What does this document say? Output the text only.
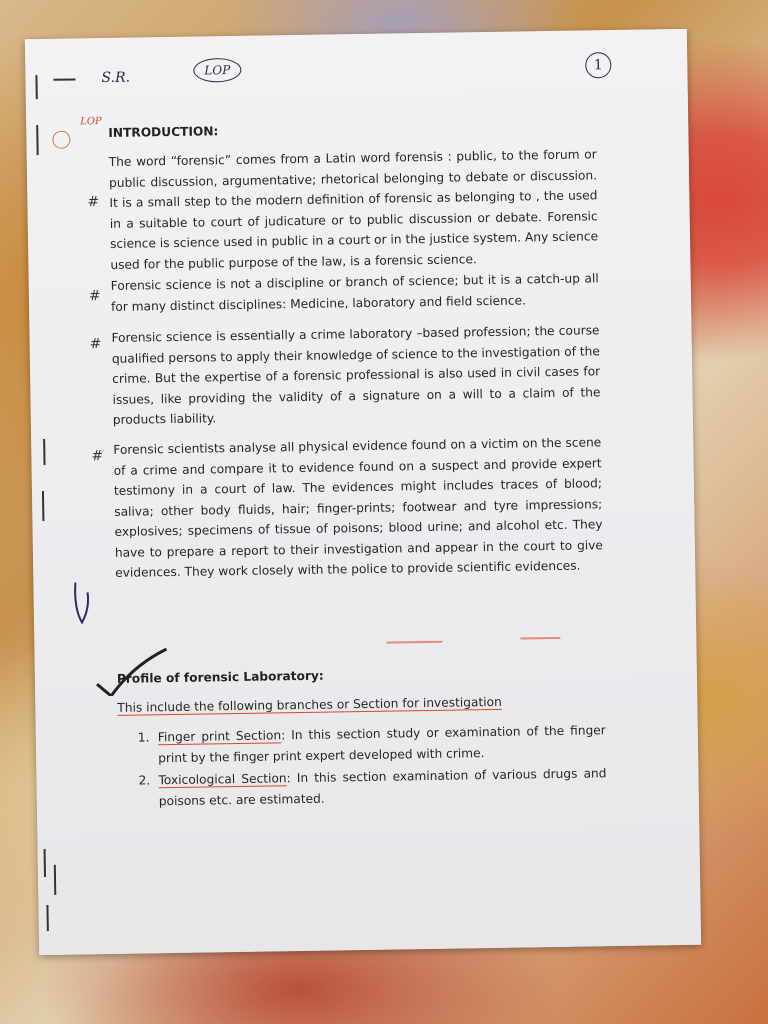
S.R.	LOP	1
LOP
INTRODUCTION:
The word “forensic” comes from a Latin word forensis : public, to the forum or public discussion, argumentative; rhetorical belonging to debate or discussion. It is a small step to the modern definition of forensic as belonging to , the used in a suitable to court of judicature or to public discussion or debate. Forensic science is science used in public in a court or in the justice system. Any science used for the public purpose of the law, is a forensic science.
#
Forensic science is not a discipline or branch of science; but it is a catch-up all for many distinct disciplines: Medicine, laboratory and field science.
#
Forensic science is essentially a crime laboratory –based profession; the course qualified persons to apply their knowledge of science to the investigation of the crime. But the expertise of a forensic professional is also used in civil cases for issues, like providing the validity of a signature on a will to a claim of the products liability.
#
Forensic scientists analyse all physical evidence found on a victim on the scene of a crime and compare it to evidence found on a suspect and provide expert testimony in a court of law. The evidences might includes traces of blood; saliva; other body fluids, hair; finger-prints; footwear and tyre impressions; explosives; specimens of tissue of poisons; blood urine; and alcohol etc. They have to prepare a report to their investigation and appear in the court to give evidences. They work closely with the police to provide scientific evidences.
#
Profile of forensic Laboratory:
This include the following branches or Section for investigation
1. Finger print Section: In this section study or examination of the finger print by the finger print expert developed with crime.
2. Toxicological Section: In this section examination of various drugs and poisons etc. are estimated.
